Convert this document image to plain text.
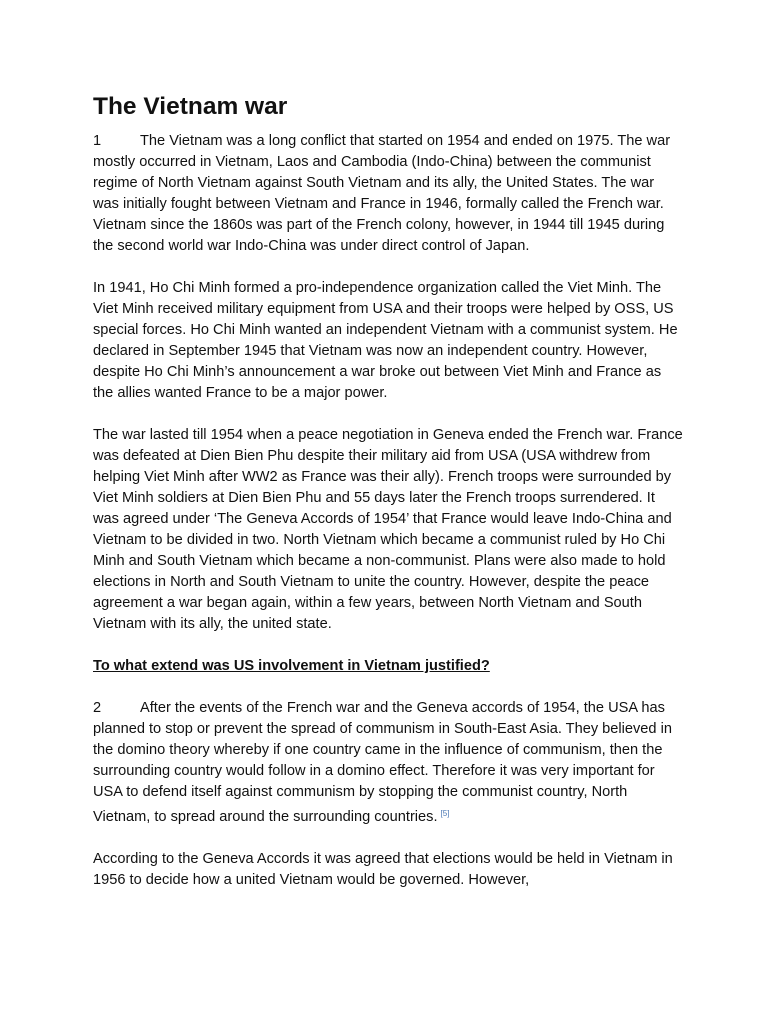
The Vietnam war

1	The Vietnam was a long conflict that started on 1954 and ended on 1975. The war mostly occurred in Vietnam, Laos and Cambodia (Indo-China) between the communist regime of North Vietnam against South Vietnam and its ally, the United States. The war was initially fought between Vietnam and France in 1946, formally called the French war. Vietnam since the 1860s was part of the French colony, however, in 1944 till 1945 during the second world war Indo-China was under direct control of Japan.

In 1941, Ho Chi Minh formed a pro-independence organization called the Viet Minh. The Viet Minh received military equipment from USA and their troops were helped by OSS, US special forces. Ho Chi Minh wanted an independent Vietnam with a communist system. He declared in September 1945 that Vietnam was now an independent country. However, despite Ho Chi Minh’s announcement a war broke out between Viet Minh and France as the allies wanted France to be a major power.

The war lasted till 1954 when a peace negotiation in Geneva ended the French war. France was defeated at Dien Bien Phu despite their military aid from USA (USA withdrew from helping Viet Minh after WW2 as France was their ally). French troops were surrounded by Viet Minh soldiers at Dien Bien Phu and 55 days later the French troops surrendered. It was agreed under ‘The Geneva Accords of 1954’ that France would leave Indo-China and Vietnam to be divided in two. North Vietnam which became a communist ruled by Ho Chi Minh and South Vietnam which became a non-communist. Plans were also made to hold elections in North and South Vietnam to unite the country. However, despite the peace agreement a war began again, within a few years, between North Vietnam and South Vietnam with its ally, the united state.

To what extend was US involvement in Vietnam justified?

2	After the events of the French war and the Geneva accords of 1954, the USA has planned to stop or prevent the spread of communism in South-East Asia. They believed in the domino theory whereby if one country came in the influence of communism, then the surrounding country would follow in a domino effect. Therefore it was very important for USA to defend itself against communism by stopping the communist country, North Vietnam, to spread around the surrounding countries. [5]

According to the Geneva Accords it was agreed that elections would be held in Vietnam in 1956 to decide how a united Vietnam would be governed. However,
